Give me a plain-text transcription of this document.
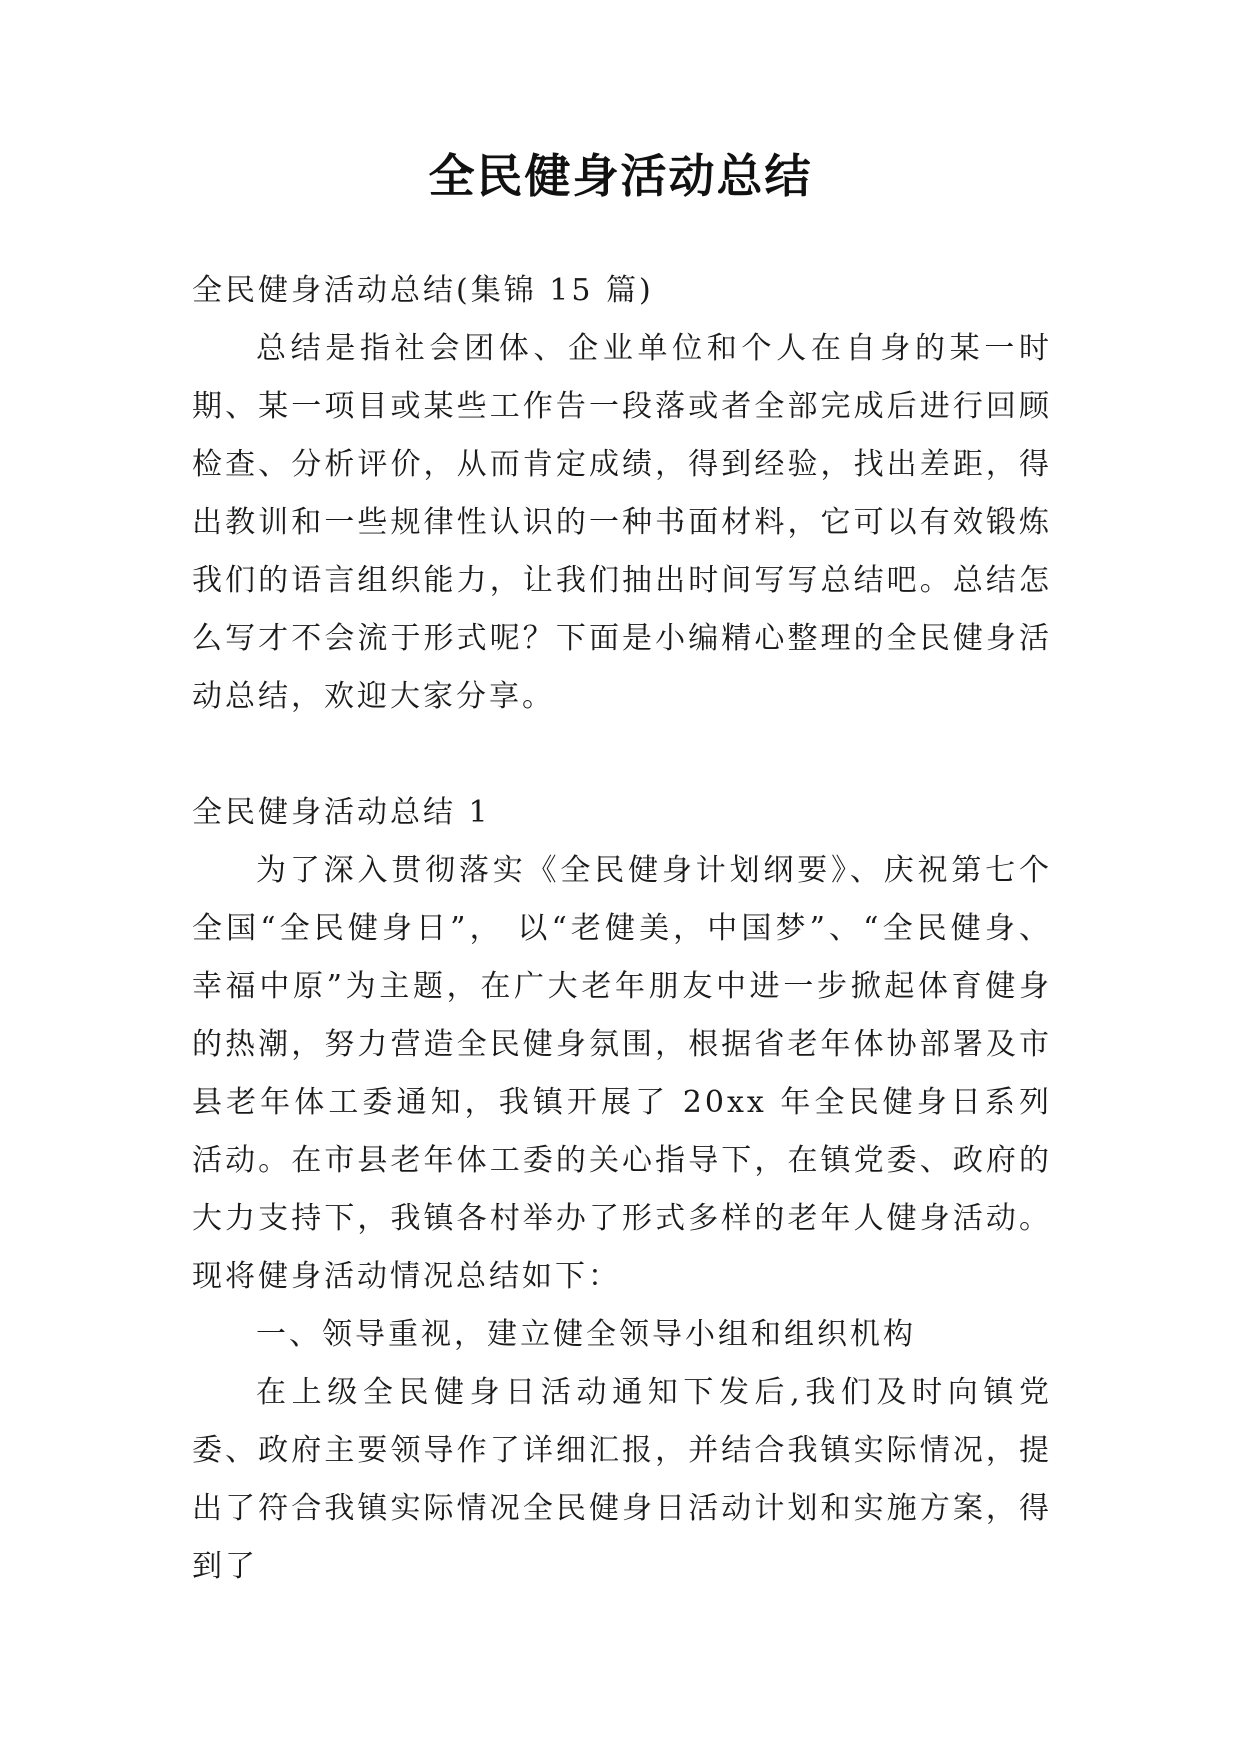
全民健身活动总结

全民健身活动总结(集锦 15 篇)

总结是指社会团体、企业单位和个人在自身的某一时期、某一项目或某些工作告一段落或者全部完成后进行回顾检查、分析评价，从而肯定成绩，得到经验，找出差距，得出教训和一些规律性认识的一种书面材料，它可以有效锻炼我们的语言组织能力，让我们抽出时间写写总结吧。总结怎么写才不会流于形式呢？下面是小编精心整理的全民健身活动总结，欢迎大家分享。

全民健身活动总结 1

为了深入贯彻落实《全民健身计划纲要》、庆祝第七个全国“全民健身日”， 以“老健美，中国梦”、“全民健身、幸福中原”为主题，在广大老年朋友中进一步掀起体育健身的热潮，努力营造全民健身氛围，根据省老年体协部署及市县老年体工委通知，我镇开展了 20xx 年全民健身日系列活动。在市县老年体工委的关心指导下，在镇党委、政府的大力支持下，我镇各村举办了形式多样的老年人健身活动。现将健身活动情况总结如下：

一、领导重视，建立健全领导小组和组织机构

在上级全民健身日活动通知下发后,我们及时向镇党委、政府主要领导作了详细汇报，并结合我镇实际情况，提出了符合我镇实际情况全民健身日活动计划和实施方案，得到了
